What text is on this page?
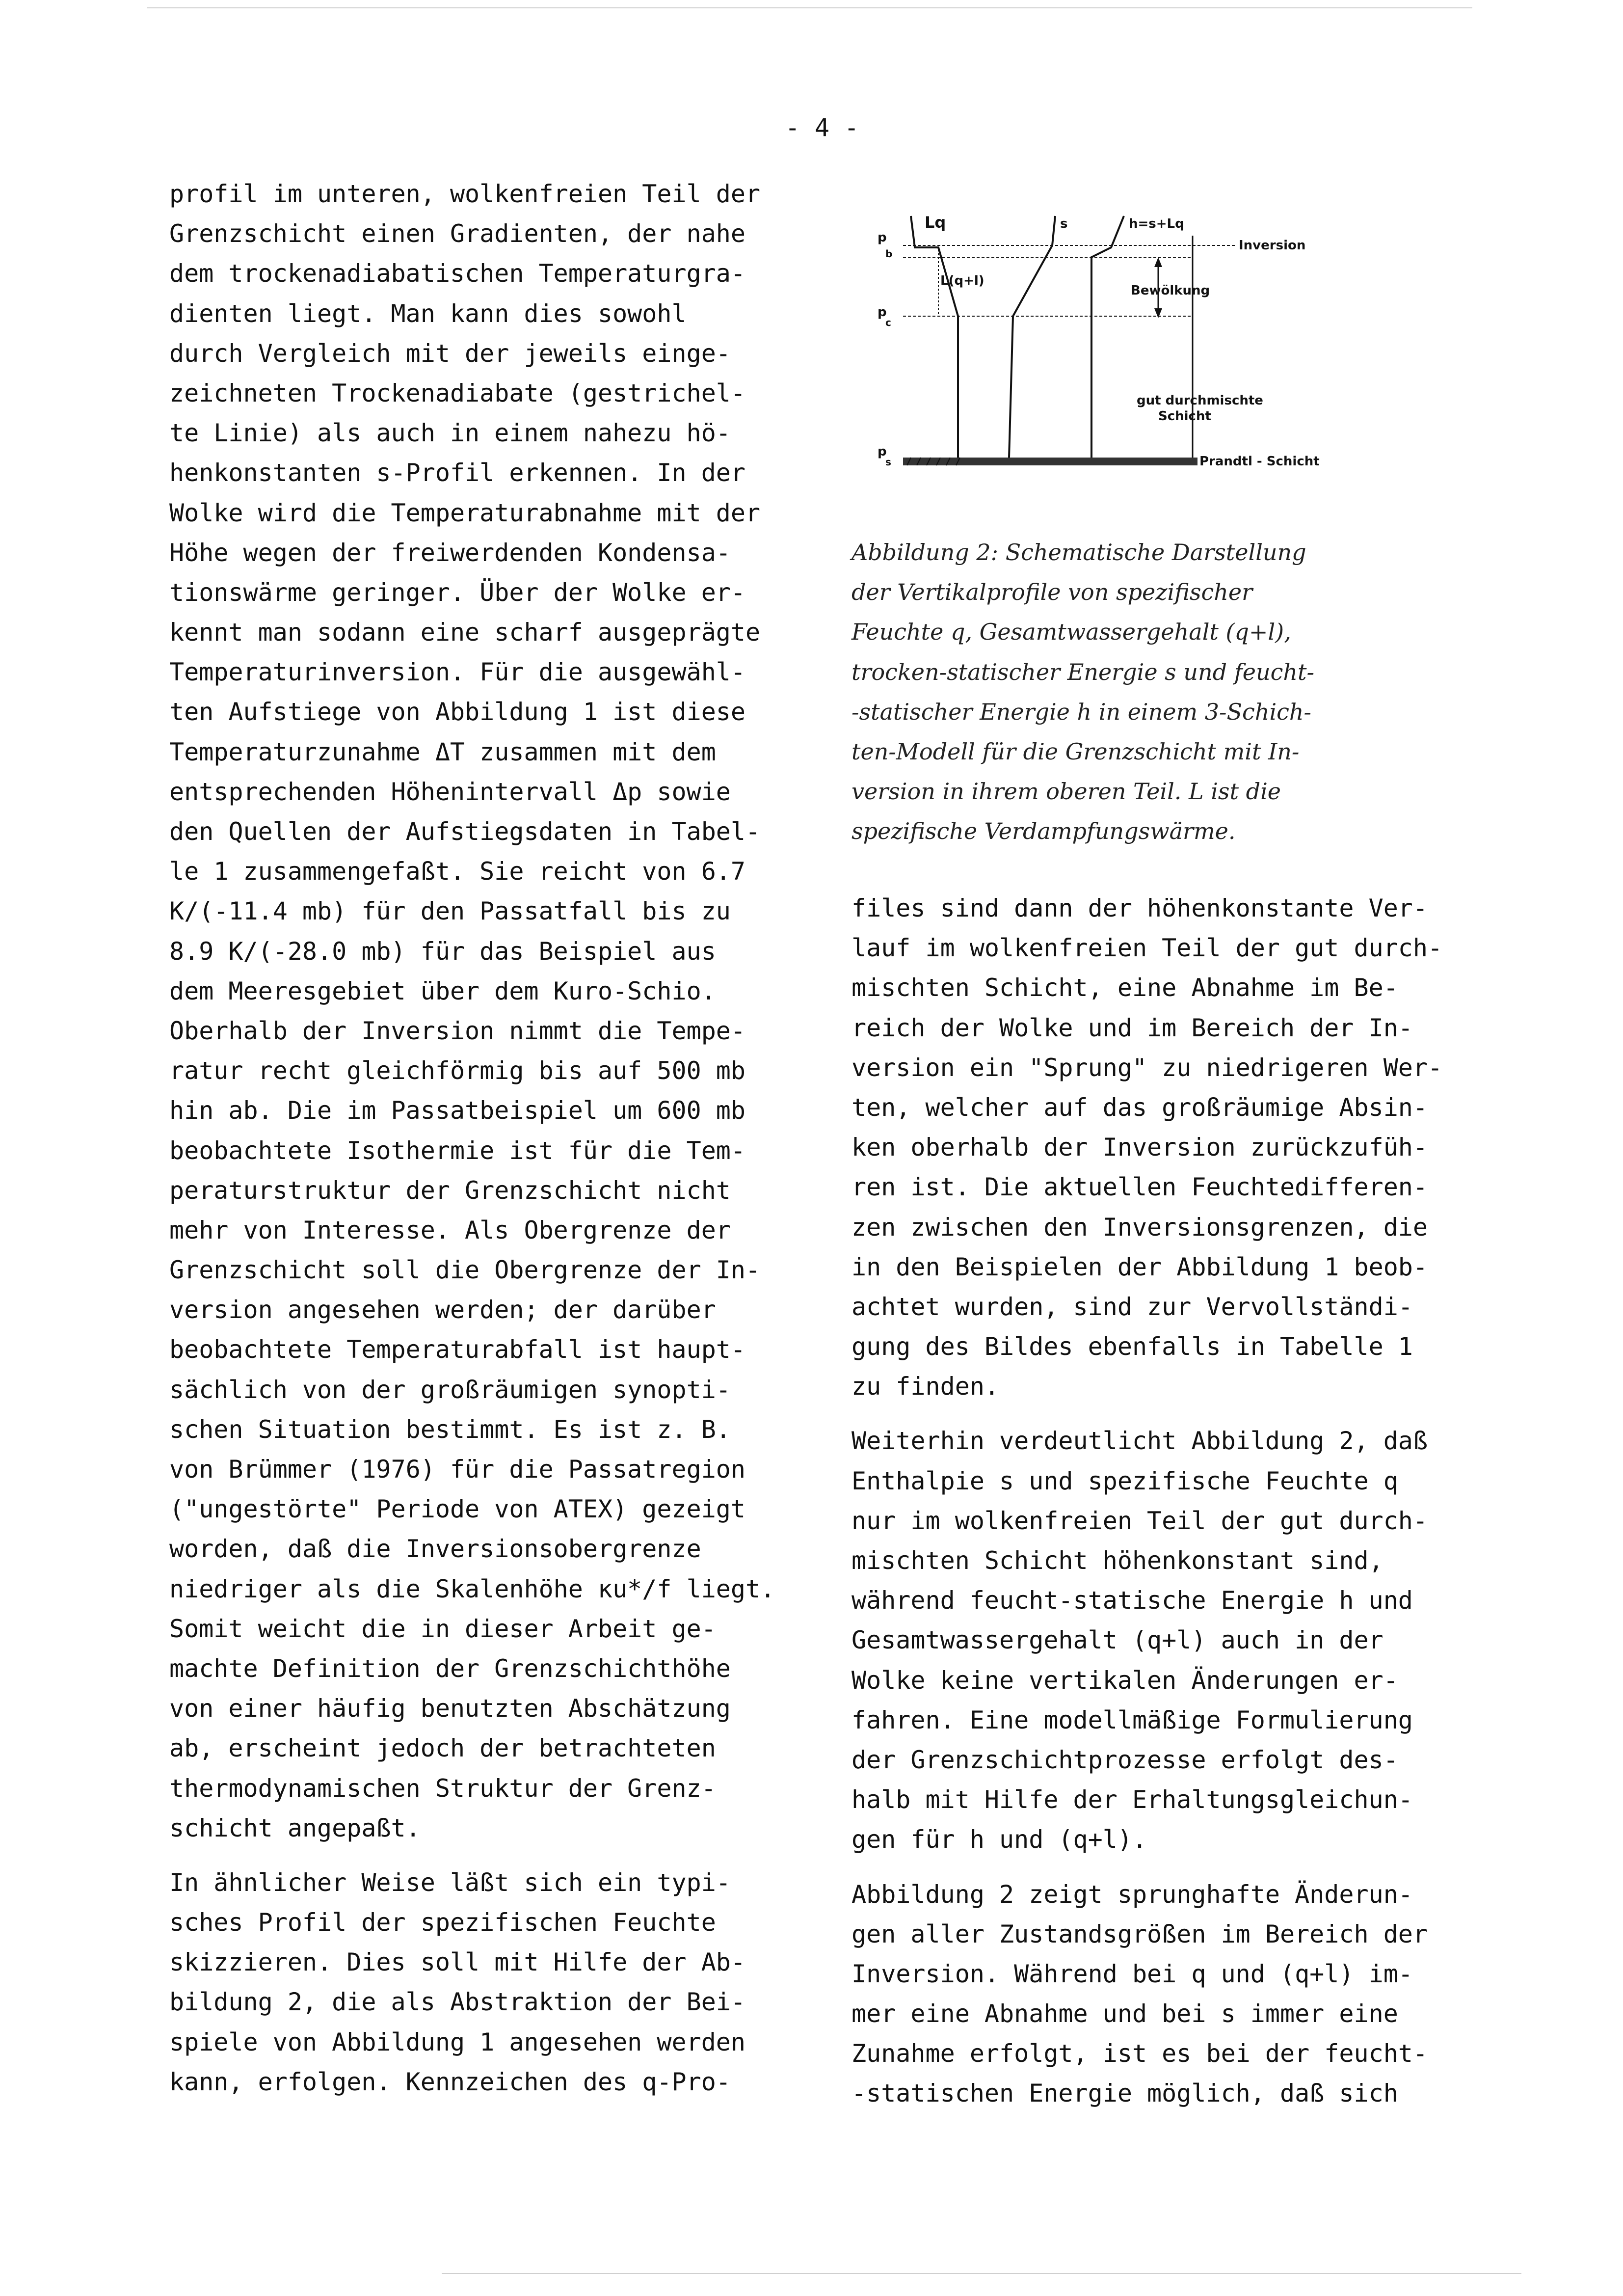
- 4 -
profil im unteren, wolkenfreien Teil der
Grenzschicht einen Gradienten, der nahe
dem trockenadiabatischen Temperaturgra-
dienten liegt. Man kann dies sowohl
durch Vergleich mit der jeweils einge-
zeichneten Trockenadiabate (gestrichel-
te Linie) als auch in einem nahezu hö-
henkonstanten s-Profil erkennen. In der
Wolke wird die Temperaturabnahme mit der
Höhe wegen der freiwerdenden Kondensa-
tionswärme geringer. Über der Wolke er-
kennt man sodann eine scharf ausgeprägte
Temperaturinversion. Für die ausgewähl-
ten Aufstiege von Abbildung 1 ist diese
Temperaturzunahme ΔT zusammen mit dem
entsprechenden Höhenintervall Δp sowie
den Quellen der Aufstiegsdaten in Tabel-
le 1 zusammengefaßt. Sie reicht von 6.7
K/(-11.4 mb) für den Passatfall bis zu
8.9 K/(-28.0 mb) für das Beispiel aus
dem Meeresgebiet über dem Kuro-Schio.
Oberhalb der Inversion nimmt die Tempe-
ratur recht gleichförmig bis auf 500 mb
hin ab. Die im Passatbeispiel um 600 mb
beobachtete Isothermie ist für die Tem-
peraturstruktur der Grenzschicht nicht
mehr von Interesse. Als Obergrenze der
Grenzschicht soll die Obergrenze der In-
version angesehen werden; der darüber
beobachtete Temperaturabfall ist haupt-
sächlich von der großräumigen synopti-
schen Situation bestimmt. Es ist z. B.
von Brümmer (1976) für die Passatregion
("ungestörte" Periode von ATEX) gezeigt
worden, daß die Inversionsobergrenze
niedriger als die Skalenhöhe κu*/f liegt.
Somit weicht die in dieser Arbeit ge-
machte Definition der Grenzschichthöhe
von einer häufig benutzten Abschätzung
ab, erscheint jedoch der betrachteten
thermodynamischen Struktur der Grenz-
schicht angepaßt.
In ähnlicher Weise läßt sich ein typi-
sches Profil der spezifischen Feuchte
skizzieren. Dies soll mit Hilfe der Ab-
bildung 2, die als Abstraktion der Bei-
spiele von Abbildung 1 angesehen werden
kann, erfolgen. Kennzeichen des q-Pro-
Lq
L(q+l)
s	h=s+Lq
Inversion
Bewölkung
gut durchmischte
Schicht
Prandtl - Schicht
p
b
p
c
p
s
Abbildung 2: Schematische Darstellung
der Vertikalprofile von spezifischer
Feuchte q, Gesamtwassergehalt (q+l),
trocken-statischer Energie s und feucht-
-statischer Energie h in einem 3-Schich-
ten-Modell für die Grenzschicht mit In-
version in ihrem oberen Teil. L ist die
spezifische Verdampfungswärme.
files sind dann der höhenkonstante Ver-
lauf im wolkenfreien Teil der gut durch-
mischten Schicht, eine Abnahme im Be-
reich der Wolke und im Bereich der In-
version ein "Sprung" zu niedrigeren Wer-
ten, welcher auf das großräumige Absin-
ken oberhalb der Inversion zurückzufüh-
ren ist. Die aktuellen Feuchtedifferen-
zen zwischen den Inversionsgrenzen, die
in den Beispielen der Abbildung 1 beob-
achtet wurden, sind zur Vervollständi-
gung des Bildes ebenfalls in Tabelle 1
zu finden.
Weiterhin verdeutlicht Abbildung 2, daß
Enthalpie s und spezifische Feuchte q
nur im wolkenfreien Teil der gut durch-
mischten Schicht höhenkonstant sind,
während feucht-statische Energie h und
Gesamtwassergehalt (q+l) auch in der
Wolke keine vertikalen Änderungen er-
fahren. Eine modellmäßige Formulierung
der Grenzschichtprozesse erfolgt des-
halb mit Hilfe der Erhaltungsgleichun-
gen für h und (q+l).
Abbildung 2 zeigt sprunghafte Änderun-
gen aller Zustandsgrößen im Bereich der
Inversion. Während bei q und (q+l) im-
mer eine Abnahme und bei s immer eine
Zunahme erfolgt, ist es bei der feucht-
-statischen Energie möglich, daß sich
